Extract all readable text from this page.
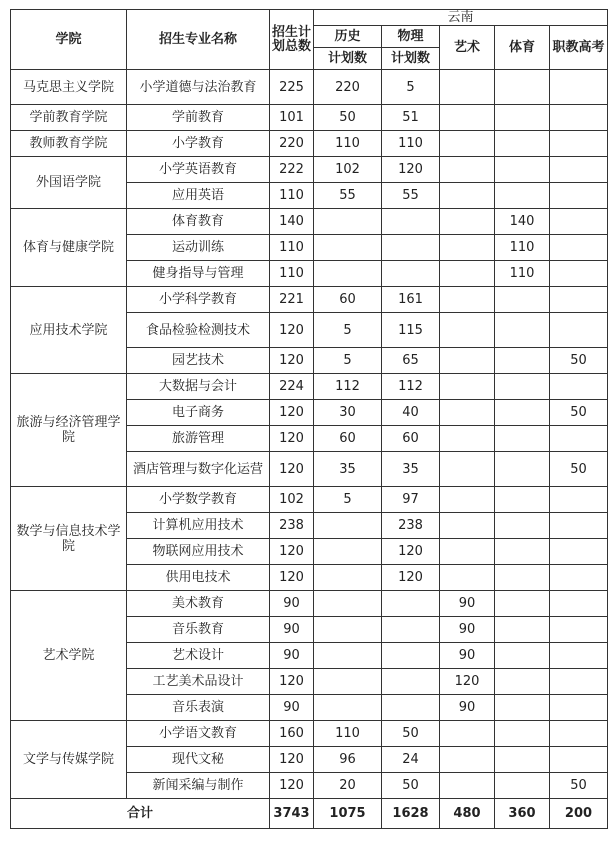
学院	招生专业名称	招生计划总数	云南				
			历史	物理	艺术	体育	职教高考
			计划数	计划数			
马克思主义学院	小学道德与法治教育	225	220	5			
学前教育学院	学前教育	101	50	51			
教师教育学院	小学教育	220	110	110			
外国语学院	小学英语教育	222	102	120			
	应用英语	110	55	55			
体育与健康学院	体育教育	140				140	
	运动训练	110				110	
	健身指导与管理	110				110	
应用技术学院	小学科学教育	221	60	161			
	食品检验检测技术	120	5	115			
	园艺技术	120	5	65			50
旅游与经济管理学院	大数据与会计	224	112	112			
	电子商务	120	30	40			50
	旅游管理	120	60	60			
	酒店管理与数字化运营	120	35	35			50
数学与信息技术学院	小学数学教育	102	5	97			
	计算机应用技术	238		238			
	物联网应用技术	120		120			
	供用电技术	120		120			
艺术学院	美术教育	90			90		
	音乐教育	90			90		
	艺术设计	90			90		
	工艺美术品设计	120			120		
	音乐表演	90			90		
文学与传媒学院	小学语文教育	160	110	50			
	现代文秘	120	96	24			
	新闻采编与制作	120	20	50			50
合计		3743	1075	1628	480	360	200
